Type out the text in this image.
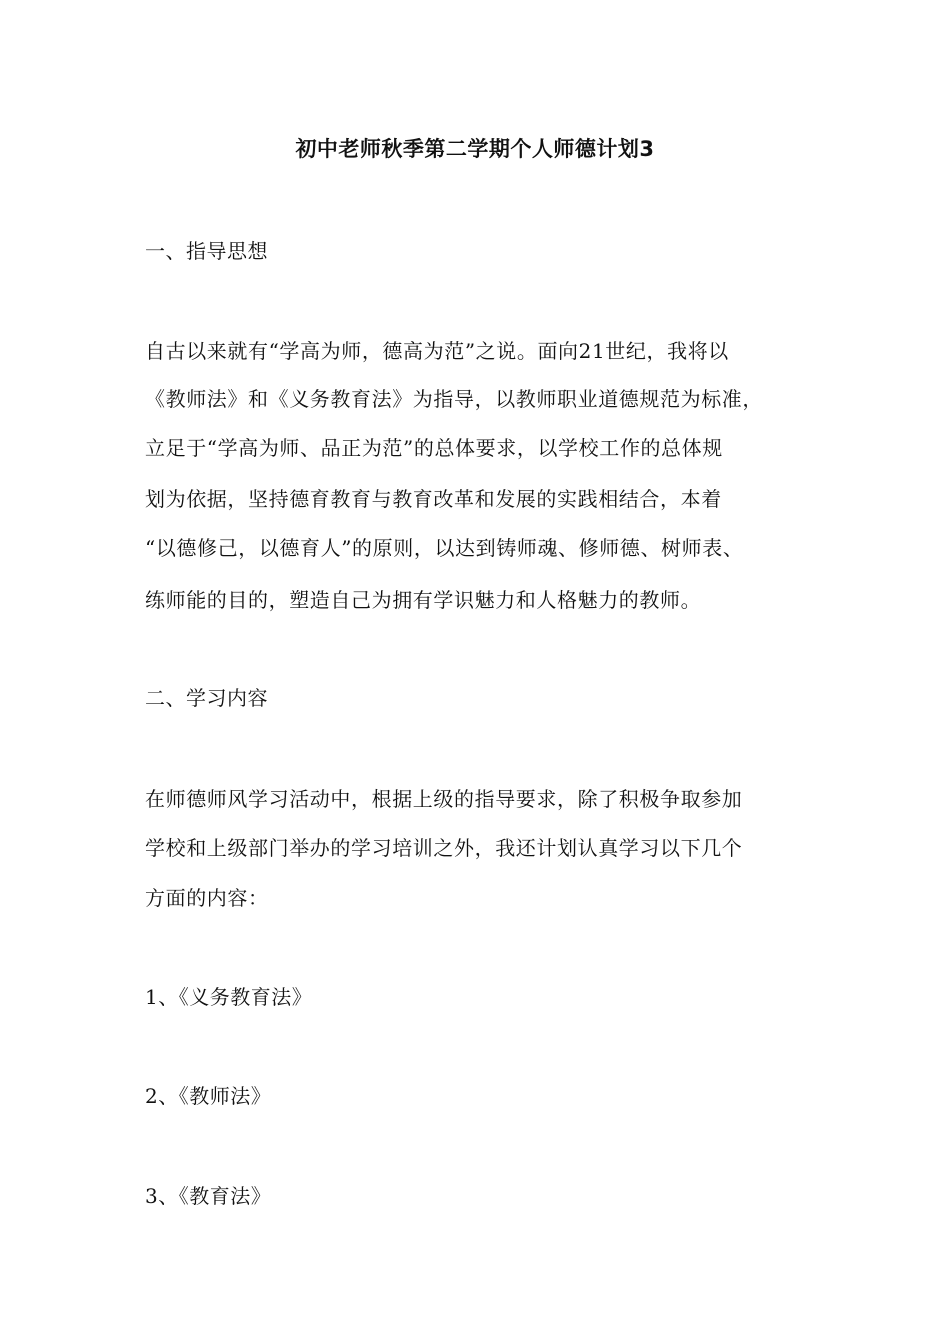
初中老师秋季第二学期个人师德计划3
一、指导思想
自古以来就有“学高为师，德高为范”之说。面向21世纪，我将以
《教师法》和《义务教育法》为指导，以教师职业道德规范为标准，
立足于“学高为师、品正为范”的总体要求，以学校工作的总体规
划为依据，坚持德育教育与教育改革和发展的实践相结合，本着
“以德修己，以德育人”的原则，以达到铸师魂、修师德、树师表、
练师能的目的，塑造自己为拥有学识魅力和人格魅力的教师。
二、学习内容
在师德师风学习活动中，根据上级的指导要求，除了积极争取参加
学校和上级部门举办的学习培训之外，我还计划认真学习以下几个
方面的内容：
1、《义务教育法》
2、《教师法》
3、《教育法》
